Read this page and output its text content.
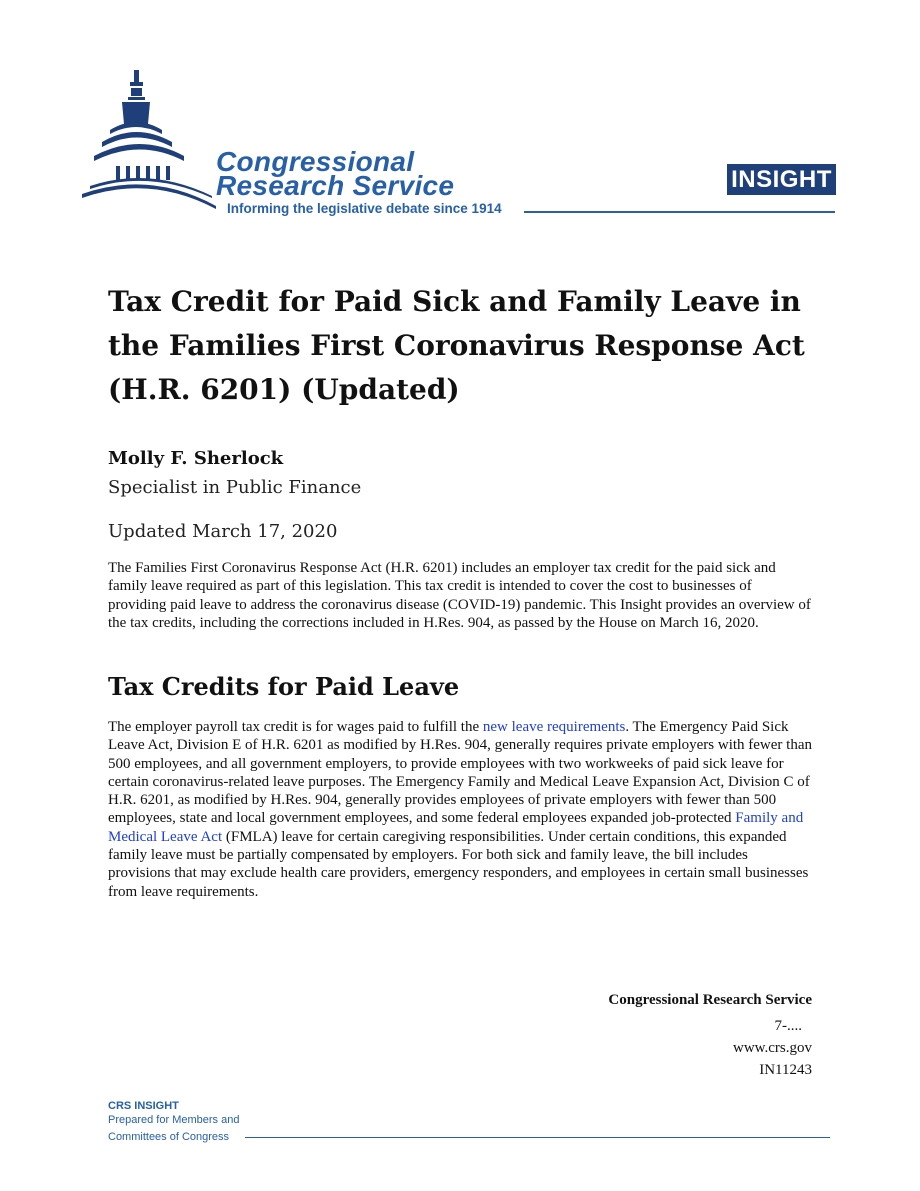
Congressional
Research Service
Informing the legislative debate since 1914
INSIGHT
Tax Credit for Paid Sick and Family Leave in the Families First Coronavirus Response Act (H.R. 6201) (Updated)
Molly F. Sherlock
Specialist in Public Finance
Updated March 17, 2020

The Families First Coronavirus Response Act (H.R. 6201) includes an employer tax credit for the paid sick and family leave required as part of this legislation. This tax credit is intended to cover the cost to businesses of providing paid leave to address the coronavirus disease (COVID-19) pandemic. This Insight provides an overview of the tax credits, including the corrections included in H.Res. 904, as passed by the House on March 16, 2020.

Tax Credits for Paid Leave

The employer payroll tax credit is for wages paid to fulfill the new leave requirements. The Emergency Paid Sick Leave Act, Division E of H.R. 6201 as modified by H.Res. 904, generally requires private employers with fewer than 500 employees, and all government employers, to provide employees with two workweeks of paid sick leave for certain coronavirus-related leave purposes. The Emergency Family and Medical Leave Expansion Act, Division C of H.R. 6201, as modified by H.Res. 904, generally provides employees of private employers with fewer than 500 employees, state and local government employees, and some federal employees expanded job-protected Family and Medical Leave Act (FMLA) leave for certain caregiving responsibilities. Under certain conditions, this expanded family leave must be partially compensated by employers. For both sick and family leave, the bill includes provisions that may exclude health care providers, emergency responders, and employees in certain small businesses from leave requirements.

Congressional Research Service
7-....
www.crs.gov
IN11243
CRS INSIGHT
Prepared for Members and
Committees of Congress
